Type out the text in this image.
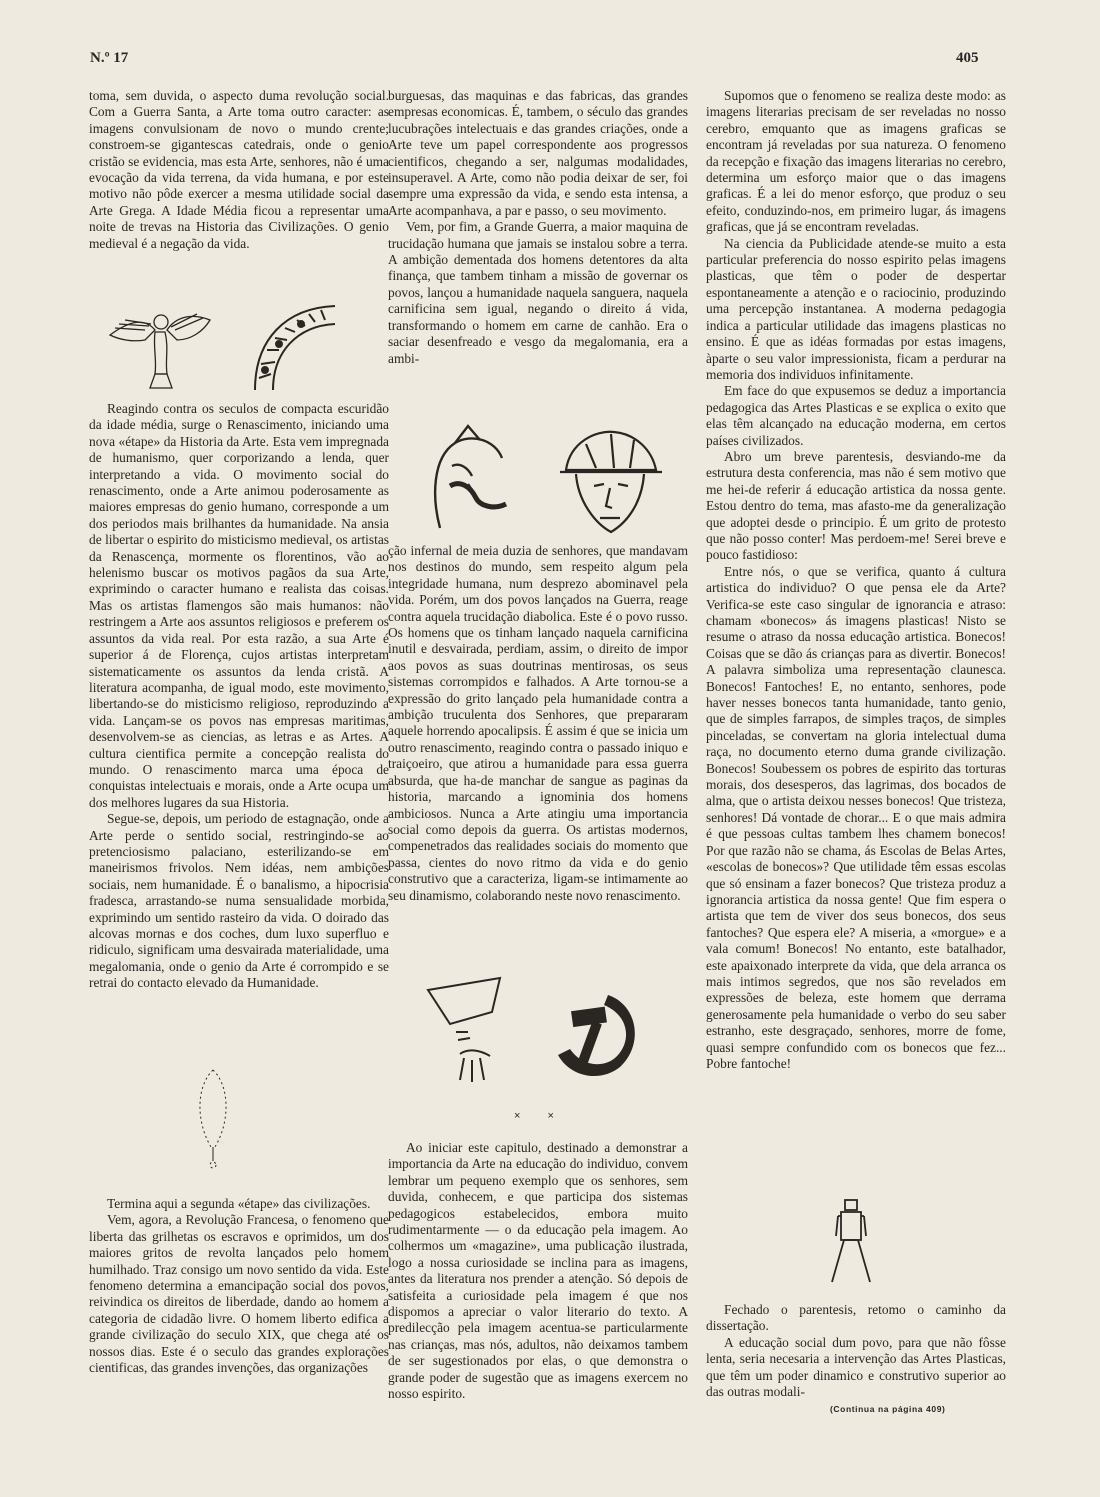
N.º 17	405

toma, sem duvida, o aspecto duma revolução social. Com a Guerra Santa, a Arte toma outro caracter: as imagens convulsionam de novo o mundo crente; constroem-se gigantescas catedrais, onde o genio cristão se evidencia, mas esta Arte, senhores, não é uma evocação da vida terrena, da vida humana, e por este motivo não pôde exercer a mesma utilidade social da Arte Grega. A Idade Média ficou a representar uma noite de trevas na Historia das Civilizações. O genio medieval é a negação da vida.

Reagindo contra os seculos de compacta escuridão da idade média, surge o Renascimento, iniciando uma nova «étape» da Historia da Arte. Esta vem impregnada de humanismo, quer corporizando a lenda, quer interpretando a vida. O movimento social do renascimento, onde a Arte animou poderosamente as maiores empresas do genio humano, corresponde a um dos periodos mais brilhantes da humanidade. Na ansia de libertar o espirito do misticismo medieval, os artistas da Renascença, mormente os florentinos, vão ao helenismo buscar os motivos pagãos da sua Arte, exprimindo o caracter humano e realista das coisas. Mas os artistas flamengos são mais humanos: não restringem a Arte aos assuntos religiosos e preferem os assuntos da vida real. Por esta razão, a sua Arte é superior á de Florença, cujos artistas interpretam sistematicamente os assuntos da lenda cristã. A literatura acompanha, de igual modo, este movimento, libertando-se do misticismo religioso, reproduzindo a vida. Lançam-se os povos nas empresas maritimas, desenvolvem-se as ciencias, as letras e as Artes. A cultura cientifica permite a concepção realista do mundo. O renascimento marca uma época de conquistas intelectuais e morais, onde a Arte ocupa um dos melhores lugares da sua Historia.

Segue-se, depois, um periodo de estagnação, onde a Arte perde o sentido social, restringindo-se ao pretenciosismo palaciano, esterilizando-se em maneirismos frivolos. Nem idéas, nem ambições sociais, nem humanidade. É o banalismo, a hipocrisia fradesca, arrastando-se numa sensualidade morbida, exprimindo um sentido rasteiro da vida. O doirado das alcovas mornas e dos coches, dum luxo superfluo e ridiculo, significam uma desvairada materialidade, uma megalomania, onde o genio da Arte é corrompido e se retrai do contacto elevado da Humanidade.

Termina aqui a segunda «étape» das civilizações.

Vem, agora, a Revolução Francesa, o fenomeno que liberta das grilhetas os escravos e oprimidos, um dos maiores gritos de revolta lançados pelo homem humilhado. Traz consigo um novo sentido da vida. Este fenomeno determina a emancipação social dos povos, reivindica os direitos de liberdade, dando ao homem a categoria de cidadão livre. O homem liberto edifica a grande civilização do seculo XIX, que chega até os nossos dias. Este é o seculo das grandes explorações cientificas, das grandes invenções, das organizações

burguesas, das maquinas e das fabricas, das grandes empresas economicas. É, tambem, o século das grandes lucubrações intelectuais e das grandes criações, onde a Arte teve um papel correspondente aos progressos cientificos, chegando a ser, nalgumas modalidades, insuperavel. A Arte, como não podia deixar de ser, foi sempre uma expressão da vida, e sendo esta intensa, a Arte acompanhava, a par e passo, o seu movimento.

Vem, por fim, a Grande Guerra, a maior maquina de trucidação humana que jamais se instalou sobre a terra. A ambição dementada dos homens detentores da alta finança, que tambem tinham a missão de governar os povos, lançou a humanidade naquela sanguera, naquela carnificina sem igual, negando o direito á vida, transformando o homem em carne de canhão. Era o saciar desenfreado e vesgo da megalomania, era a ambi-

ção infernal de meia duzia de senhores, que mandavam nos destinos do mundo, sem respeito algum pela integridade humana, num desprezo abominavel pela vida. Porém, um dos povos lançados na Guerra, reage contra aquela trucidação diabolica. Este é o povo russo. Os homens que os tinham lançado naquela carnificina inutil e desvairada, perdiam, assim, o direito de impor aos povos as suas doutrinas mentirosas, os seus sistemas corrompidos e falhados. A Arte tornou-se a expressão do grito lançado pela humanidade contra a ambição truculenta dos Senhores, que prepararam aquele horrendo apocalipsis. É assim é que se inicia um outro renascimento, reagindo contra o passado iniquo e traiçoeiro, que atirou a humanidade para essa guerra absurda, que ha-de manchar de sangue as paginas da historia, marcando a ignominia dos homens ambiciosos. Nunca a Arte atingiu uma importancia social como depois da guerra. Os artistas modernos, compenetrados das realidades sociais do momento que passa, cientes do novo ritmo da vida e do genio construtivo que a caracteriza, ligam-se intimamente ao seu dinamismo, colaborando neste novo renascimento.

× ×

Ao iniciar este capitulo, destinado a demonstrar a importancia da Arte na educação do individuo, convem lembrar um pequeno exemplo que os senhores, sem duvida, conhecem, e que participa dos sistemas pedagogicos estabelecidos, embora muito rudimentarmente — o da educação pela imagem. Ao colhermos um «magazine», uma publicação ilustrada, logo a nossa curiosidade se inclina para as imagens, antes da literatura nos prender a atenção. Só depois de satisfeita a curiosidade pela imagem é que nos dispomos a apreciar o valor literario do texto. A predilecção pela imagem acentua-se particularmente nas crianças, mas nós, adultos, não deixamos tambem de ser sugestionados por elas, o que demonstra o grande poder de sugestão que as imagens exercem no nosso espirito.

Supomos que o fenomeno se realiza deste modo: as imagens literarias precisam de ser reveladas no nosso cerebro, emquanto que as imagens graficas se encontram já reveladas por sua natureza. O fenomeno da recepção e fixação das imagens literarias no cerebro, determina um esforço maior que o das imagens graficas. É a lei do menor esforço, que produz o seu efeito, conduzindo-nos, em primeiro lugar, ás imagens graficas, que já se encontram reveladas.

Na ciencia da Publicidade atende-se muito a esta particular preferencia do nosso espirito pelas imagens plasticas, que têm o poder de despertar espontaneamente a atenção e o raciocinio, produzindo uma percepção instantanea. A moderna pedagogia indica a particular utilidade das imagens plasticas no ensino. É que as idéas formadas por estas imagens, àparte o seu valor impressionista, ficam a perdurar na memoria dos individuos infinitamente.

Em face do que expusemos se deduz a importancia pedagogica das Artes Plasticas e se explica o exito que elas têm alcançado na educação moderna, em certos países civilizados.

Abro um breve parentesis, desviando-me da estrutura desta conferencia, mas não é sem motivo que me hei-de referir á educação artistica da nossa gente. Estou dentro do tema, mas afasto-me da generalização que adoptei desde o principio. É um grito de protesto que não posso conter! Mas perdoem-me! Serei breve e pouco fastidioso:

Entre nós, o que se verifica, quanto á cultura artistica do individuo? O que pensa ele da Arte? Verifica-se este caso singular de ignorancia e atraso: chamam «bonecos» ás imagens plasticas! Nisto se resume o atraso da nossa educação artistica. Bonecos! Coisas que se dão ás crianças para as divertir. Bonecos! A palavra simboliza uma representação claunesca. Bonecos! Fantoches! E, no entanto, senhores, pode haver nesses bonecos tanta humanidade, tanto genio, que de simples farrapos, de simples traços, de simples pinceladas, se convertam na gloria intelectual duma raça, no documento eterno duma grande civilização. Bonecos! Soubessem os pobres de espirito das torturas morais, dos desesperos, das lagrimas, dos bocados de alma, que o artista deixou nesses bonecos! Que tristeza, senhores! Dá vontade de chorar... E o que mais admira é que pessoas cultas tambem lhes chamem bonecos! Por que razão não se chama, ás Escolas de Belas Artes, «escolas de bonecos»? Que utilidade têm essas escolas que só ensinam a fazer bonecos? Que tristeza produz a ignorancia artistica da nossa gente! Que fim espera o artista que tem de viver dos seus bonecos, dos seus fantoches? Que espera ele? A miseria, a «morgue» e a vala comum! Bonecos! No entanto, este batalhador, este apaixonado interprete da vida, que dela arranca os mais intimos segredos, que nos são revelados em expressões de beleza, este homem que derrama generosamente pela humanidade o verbo do seu saber estranho, este desgraçado, senhores, morre de fome, quasi sempre confundido com os bonecos que fez... Pobre fantoche!

Fechado o parentesis, retomo o caminho da dissertação.

A educação social dum povo, para que não fôsse lenta, seria necesaria a intervenção das Artes Plasticas, que têm um poder dinamico e construtivo superior ao das outras modali-

(Continua na página 409)
